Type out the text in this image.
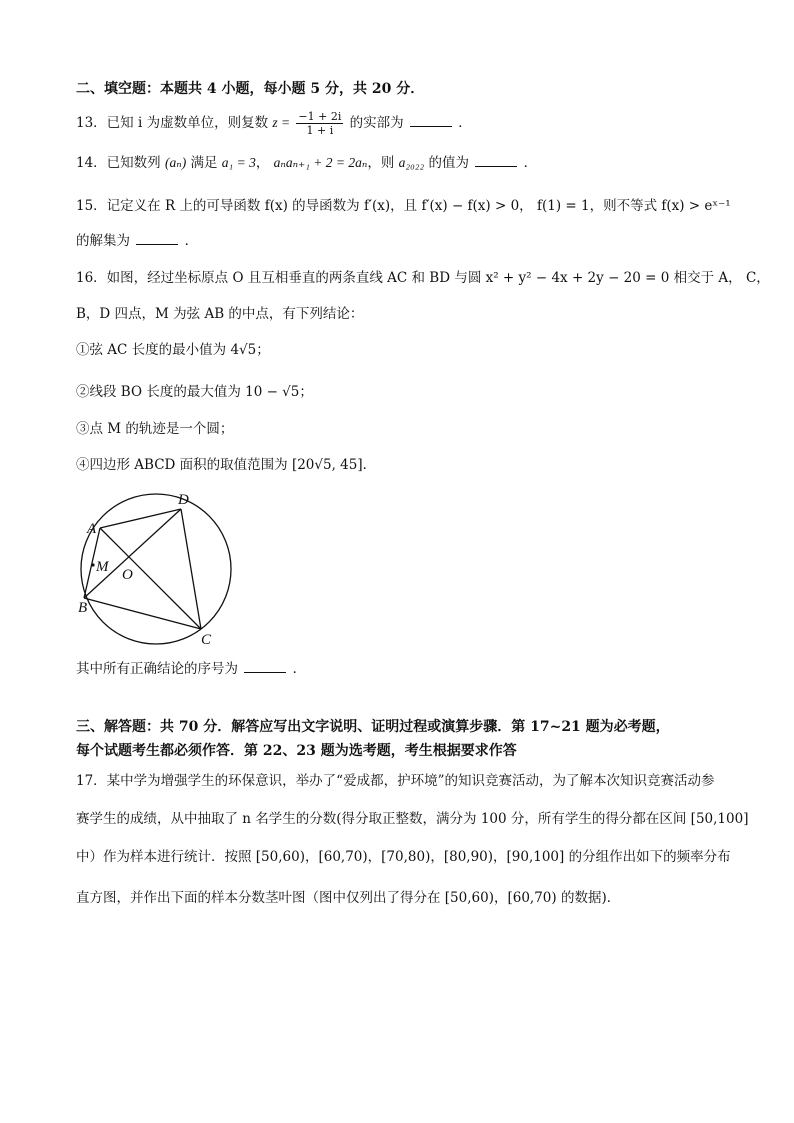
二、填空题：本题共 4 小题，每小题 5 分，共 20 分．
13．已知 i 为虚数单位，则复数 $z = \frac{-1 + 2i}{1 + i}$ 的实部为	．
14．已知数列 (aₙ) 满足 a₁ = 3， aₙaₙ₊₁ + 2 = 2aₙ，则 a₂₀₂₂ 的值为	．
15．记定义在 R 上的可导函数 f(x) 的导函数为 f′(x)，且 f′(x) − f(x) > 0， f(1) = 1，则不等式 f(x) > eˣ⁻¹
的解集为	．
16．如图，经过坐标原点 O 且互相垂直的两条直线 AC 和 BD 与圆 x² + y² − 4x + 2y − 20 = 0 相交于 A， C，
B，D 四点，M 为弦 AB 的中点，有下列结论：
①弦 AC 长度的最小值为 4√5；
②线段 BO 长度的最大值为 10 − √5；
③点 M 的轨迹是一个圆；
④四边形 ABCD 面积的取值范围为 [20√5, 45]．
A
D
M O
B
C
其中所有正确结论的序号为	．
三、解答题：共 70 分．解答应写出文字说明、证明过程或演算步骤．第 17~21 题为必考题，
每个试题考生都必须作答．第 22、23 题为选考题，考生根据要求作答
17．某中学为增强学生的环保意识，举办了“爱成都，护环境”的知识竞赛活动，为了解本次知识竞赛活动参
赛学生的成绩，从中抽取了 n 名学生的分数(得分取正整数，满分为 100 分，所有学生的得分都在区间 [50,100]
中）作为样本进行统计．按照 [50,60)，[60,70)，[70,80)，[80,90)，[90,100] 的分组作出如下的频率分布
直方图，并作出下面的样本分数茎叶图（图中仅列出了得分在 [50,60)，[60,70) 的数据)．
